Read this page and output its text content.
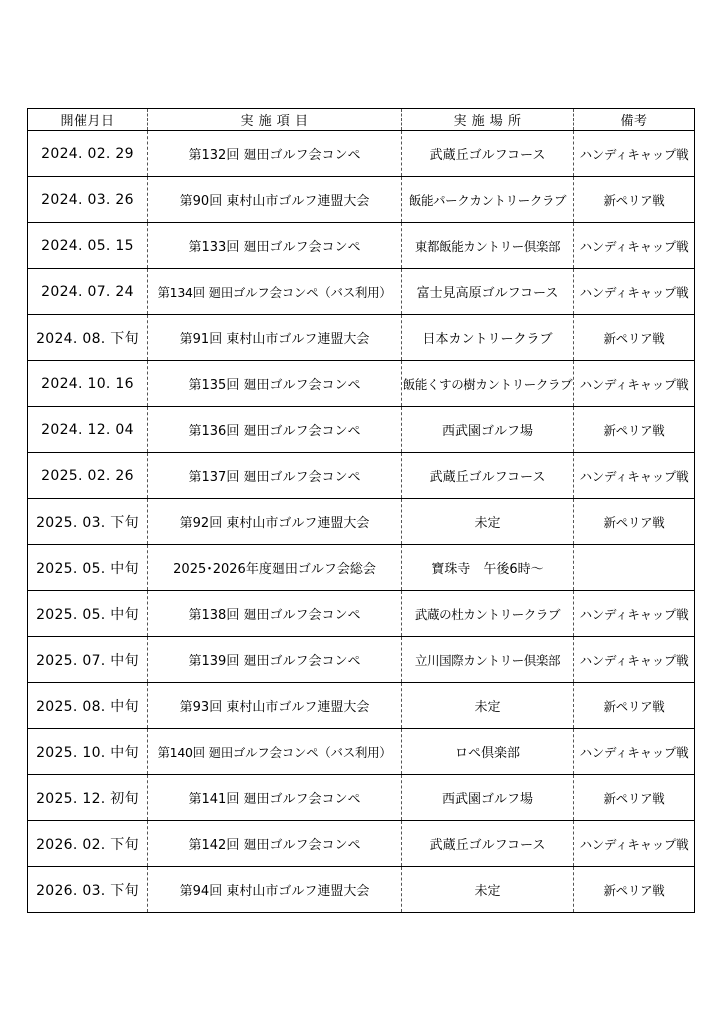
開催月日	実 施 項 目	実 施 場 所	備考
2024. 02. 29	第132回 廻田ゴルフ会コンペ	武蔵丘ゴルフコース	ハンディキャップ戦
2024. 03. 26	第90回 東村山市ゴルフ連盟大会	飯能パークカントリークラブ	新ペリア戦
2024. 05. 15	第133回 廻田ゴルフ会コンペ	東都飯能カントリー倶楽部	ハンディキャップ戦
2024. 07. 24	第134回 廻田ゴルフ会コンペ（バス利用）	富士見高原ゴルフコース	ハンディキャップ戦
2024. 08. 下旬	第91回 東村山市ゴルフ連盟大会	日本カントリークラブ	新ペリア戦
2024. 10. 16	第135回 廻田ゴルフ会コンペ	飯能くすの樹カントリークラブ	ハンディキャップ戦
2024. 12. 04	第136回 廻田ゴルフ会コンペ	西武園ゴルフ場	新ペリア戦
2025. 02. 26	第137回 廻田ゴルフ会コンペ	武蔵丘ゴルフコース	ハンディキャップ戦
2025. 03. 下旬	第92回 東村山市ゴルフ連盟大会	未定	新ペリア戦
2025. 05. 中旬	2025･2026年度廻田ゴルフ会総会	寶珠寺　午後6時～	
2025. 05. 中旬	第138回 廻田ゴルフ会コンペ	武蔵の杜カントリークラブ	ハンディキャップ戦
2025. 07. 中旬	第139回 廻田ゴルフ会コンペ	立川国際カントリー倶楽部	ハンディキャップ戦
2025. 08. 中旬	第93回 東村山市ゴルフ連盟大会	未定	新ペリア戦
2025. 10. 中旬	第140回 廻田ゴルフ会コンペ（バス利用）	ロペ倶楽部	ハンディキャップ戦
2025. 12. 初旬	第141回 廻田ゴルフ会コンペ	西武園ゴルフ場	新ペリア戦
2026. 02. 下旬	第142回 廻田ゴルフ会コンペ	武蔵丘ゴルフコース	ハンディキャップ戦
2026. 03. 下旬	第94回 東村山市ゴルフ連盟大会	未定	新ペリア戦
